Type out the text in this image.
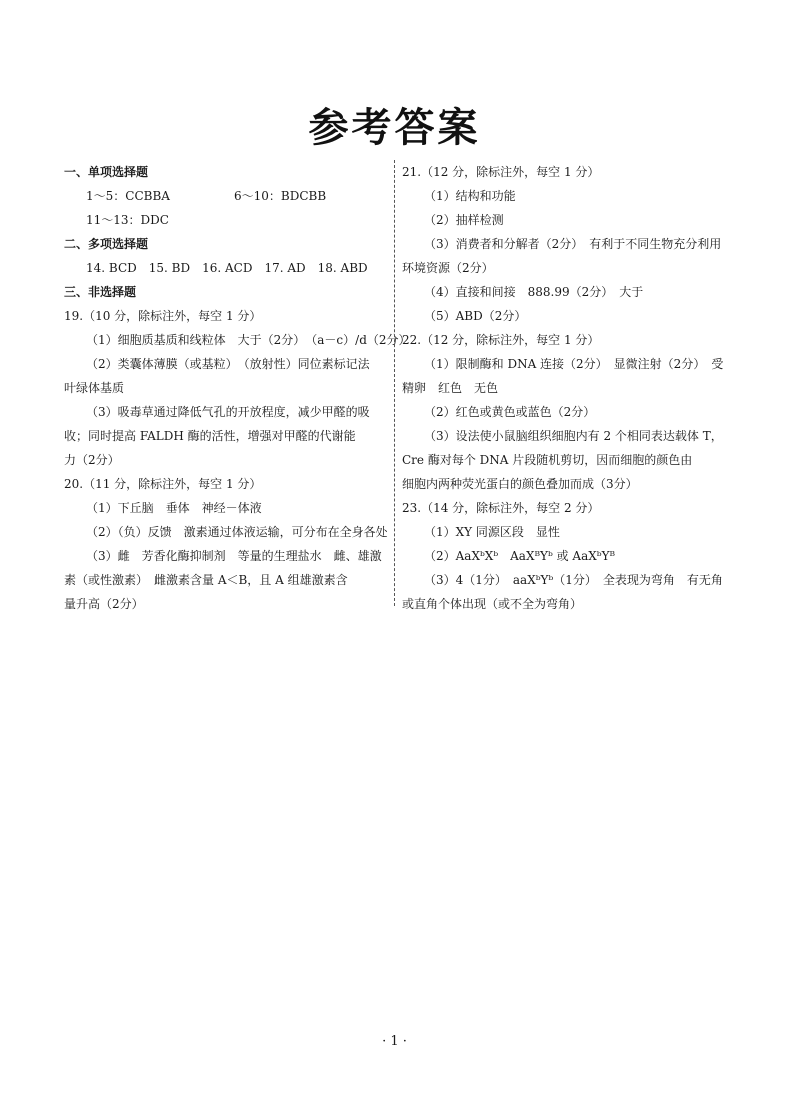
参考答案
一、单项选择题
1～5：CCBBA	6～10：BDCBB
11～13：DDC
二、多项选择题
14. BCD　15. BD　16. ACD　17. AD　18. ABD
三、非选择题
19.（10 分，除标注外，每空 1 分）
（1）细胞质基质和线粒体　大于（2分）　（a－c）/d（2分）
（2）类囊体薄膜（或基粒）　（放射性）同位素标记法
叶绿体基质
（3）吸毒草通过降低气孔的开放程度，减少甲醛的吸
收；同时提高 FALDH 酶的活性，增强对甲醛的代谢能
力（2分）
20.（11 分，除标注外，每空 1 分）
（1）下丘脑　垂体　神经－体液
（2）（负）反馈　激素通过体液运输，可分布在全身各处
（3）雌　芳香化酶抑制剂　等量的生理盐水　雌、雄激
素（或性激素）　雌激素含量 A＜B，且 A 组雄激素含
量升高（2分）
21.（12 分，除标注外，每空 1 分）
（1）结构和功能
（2）抽样检测
（3）消费者和分解者（2分）　有利于不同生物充分利用
环境资源（2分）
（4）直接和间接　888.99（2分）　大于
（5）ABD（2分）
22.（12 分，除标注外，每空 1 分）
（1）限制酶和 DNA 连接（2分）　显微注射（2分）　受
精卵　红色　无色
（2）红色或黄色或蓝色（2分）
（3）设法使小鼠脑组织细胞内有 2 个相同表达载体 T，
Cre 酶对每个 DNA 片段随机剪切，因而细胞的颜色由
细胞内两种荧光蛋白的颜色叠加而成（3分）
23.（14 分，除标注外，每空 2 分）
（1）XY 同源区段　显性
（2）AaXᵇXᵇ　AaXᴮYᵇ 或 AaXᵇYᴮ
（3）4（1分）　aaXᵇYᵇ（1分）　全表现为弯角　有无角
或直角个体出现（或不全为弯角）
· 1 ·
